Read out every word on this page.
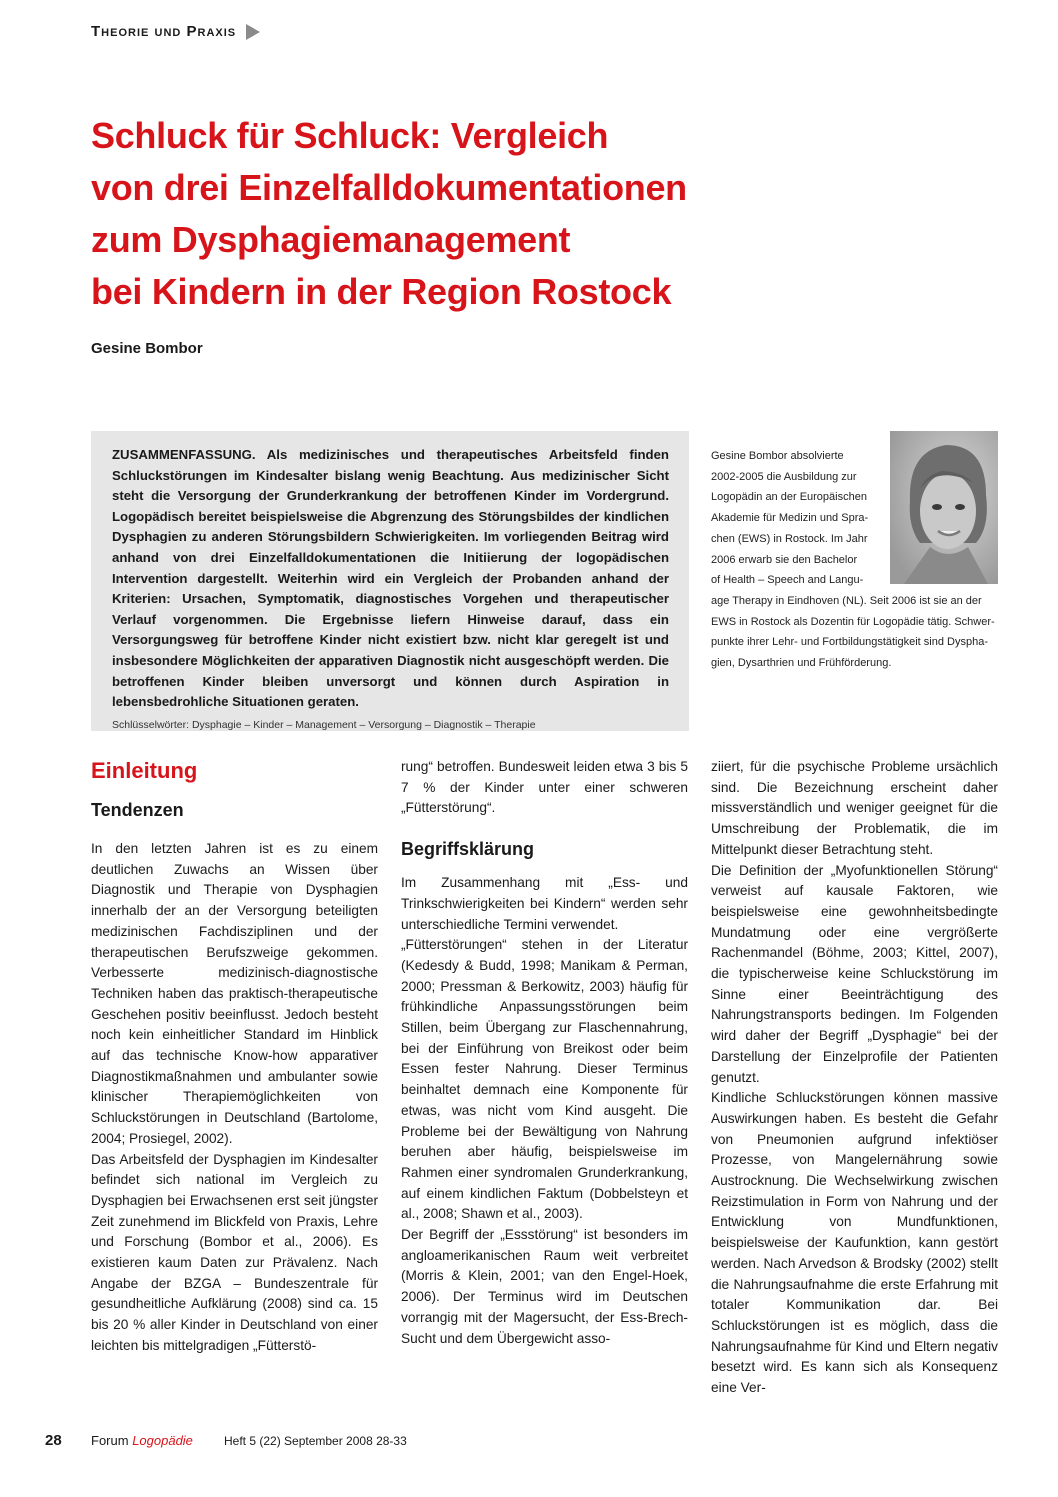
Theorie und Praxis
Schluck für Schluck: Vergleich
von drei Einzelfalldokumentationen
zum Dysphagiemanagement
bei Kindern in der Region Rostock
Gesine Bombor

ZUSAMMENFASSUNG. Als medizinisches und therapeutisches Arbeitsfeld finden Schluckstörungen im Kindesalter bislang wenig Beachtung. Aus medizinischer Sicht steht die Versorgung der Grunderkrankung der betroffenen Kinder im Vordergrund. Logopädisch bereitet beispielsweise die Abgrenzung des Störungsbildes der kindlichen Dysphagien zu anderen Störungsbildern Schwierigkeiten. Im vorliegenden Beitrag wird anhand von drei Einzelfalldokumentationen die Initiierung der logopädischen Intervention dargestellt. Weiterhin wird ein Vergleich der Probanden anhand der Kriterien: Ursachen, Symptomatik, diagnostisches Vorgehen und therapeutischer Verlauf vorgenommen. Die Ergebnisse liefern Hinweise darauf, dass ein Versorgungsweg für betroffene Kinder nicht existiert bzw. nicht klar geregelt ist und insbesondere Möglichkeiten der apparativen Diagnostik nicht ausgeschöpft werden. Die betroffenen Kinder bleiben unversorgt und können durch Aspiration in lebensbedrohliche Situationen geraten.

Schlüsselwörter: Dysphagie – Kinder – Management – Versorgung – Diagnostik – Therapie

Gesine Bombor absolvierte
2002-2005 die Ausbildung zur
Logopädin an der Europäischen
Akademie für Medizin und Spra-
chen (EWS) in Rostock. Im Jahr
2006 erwarb sie den Bachelor
of Health – Speech and Langu-
age Therapy in Eindhoven (NL). Seit 2006 ist sie an der
EWS in Rostock als Dozentin für Logopädie tätig. Schwer-
punkte ihrer Lehr- und Fortbildungstätigkeit sind Dyspha-
gien, Dysarthrien und Frühförderung.
Einleitung
Tendenzen

In den letzten Jahren ist es zu einem deutlichen Zuwachs an Wissen über Diagnostik und Therapie von Dysphagien innerhalb der an der Versorgung beteiligten medizinischen Fachdisziplinen und der therapeutischen Berufszweige gekommen. Verbesserte medizinisch-diagnostische Techniken haben das praktisch-therapeutische Geschehen positiv beeinflusst. Jedoch besteht noch kein einheitlicher Standard im Hinblick auf das technische Know-how apparativer Diagnostikmaßnahmen und ambulanter sowie klinischer Therapiemöglichkeiten von Schluckstörungen in Deutschland (Bartolome, 2004; Prosiegel, 2002).

Das Arbeitsfeld der Dysphagien im Kindesalter befindet sich national im Vergleich zu Dysphagien bei Erwachsenen erst seit jüngster Zeit zunehmend im Blickfeld von Praxis, Lehre und Forschung (Bombor et al., 2006). Es existieren kaum Daten zur Prävalenz. Nach Angabe der BZGA – Bundeszentrale für gesundheitliche Aufklärung (2008) sind ca. 15 bis 20 % aller Kinder in Deutschland von einer leichten bis mittelgradigen „Fütterstö-

rung“ betroffen. Bundesweit leiden etwa 3 bis 5 7 % der Kinder unter einer schweren „Fütterstörung“.

Begriffsklärung

Im Zusammenhang mit „Ess- und Trinkschwierigkeiten bei Kindern“ werden sehr unterschiedliche Termini verwendet.

„Fütterstörungen“ stehen in der Literatur (Kedesdy & Budd, 1998; Manikam & Perman, 2000; Pressman & Berkowitz, 2003) häufig für frühkindliche Anpassungsstörungen beim Stillen, beim Übergang zur Flaschennahrung, bei der Einführung von Breikost oder beim Essen fester Nahrung. Dieser Terminus beinhaltet demnach eine Komponente für etwas, was nicht vom Kind ausgeht. Die Probleme bei der Bewältigung von Nahrung beruhen aber häufig, beispielsweise im Rahmen einer syndromalen Grunderkrankung, auf einem kindlichen Faktum (Dobbelsteyn et al., 2008; Shawn et al., 2003).

Der Begriff der „Essstörung“ ist besonders im angloamerikanischen Raum weit verbreitet (Morris & Klein, 2001; van den Engel-Hoek, 2006). Der Terminus wird im Deutschen vorrangig mit der Magersucht, der Ess-Brech-Sucht und dem Übergewicht asso-

ziiert, für die psychische Probleme ursächlich sind. Die Bezeichnung erscheint daher missverständlich und weniger geeignet für die Umschreibung der Problematik, die im Mittelpunkt dieser Betrachtung steht.

Die Definition der „Myofunktionellen Störung“ verweist auf kausale Faktoren, wie beispielsweise eine gewohnheitsbedingte Mundatmung oder eine vergrößerte Rachenmandel (Böhme, 2003; Kittel, 2007), die typischerweise keine Schluckstörung im Sinne einer Beeinträchtigung des Nahrungstransports bedingen. Im Folgenden wird daher der Begriff „Dysphagie“ bei der Darstellung der Einzelprofile der Patienten genutzt.

Kindliche Schluckstörungen können massive Auswirkungen haben. Es besteht die Gefahr von Pneumonien aufgrund infektiöser Prozesse, von Mangelernährung sowie Austrocknung. Die Wechselwirkung zwischen Reizstimulation in Form von Nahrung und der Entwicklung von Mundfunktionen, beispielsweise der Kaufunktion, kann gestört werden. Nach Arvedson & Brodsky (2002) stellt die Nahrungsaufnahme die erste Erfahrung mit totaler Kommunikation dar. Bei Schluckstörungen ist es möglich, dass die Nahrungsaufnahme für Kind und Eltern negativ besetzt wird. Es kann sich als Konsequenz eine Ver-

28 Forum Logopädie	Heft 5 (22) September 2008 28-33
